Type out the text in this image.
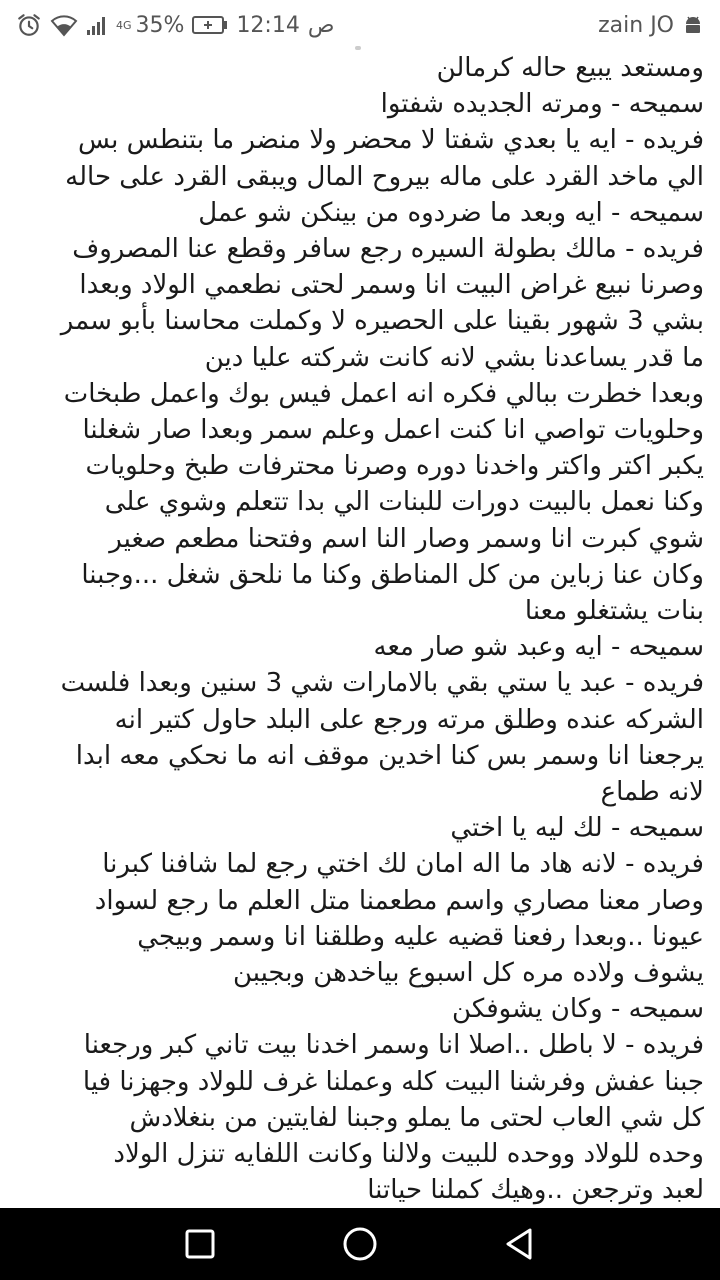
4G 35% 12:14 ص	zain JO
ومستعد يبيع حاله كرمالن
سميحه - ومرته الجديده شفتوا
فريده - ايه يا بعدي شفتا لا محضر ولا منضر ما بتنطس بس
الي ماخد القرد على ماله بيروح المال ويبقى القرد على حاله
سميحه - ايه وبعد ما ضردوه من بينكن شو عمل
فريده - مالك بطولة السيره رجع سافر وقطع عنا المصروف
وصرنا نبيع غراض البيت انا وسمر لحتى نطعمي الولاد وبعدا
بشي 3 شهور بقينا على الحصيره لا وكملت محاسنا بأبو سمر
ما قدر يساعدنا بشي لانه كانت شركته عليا دين
وبعدا خطرت ببالي فكره انه اعمل فيس بوك واعمل طبخات
وحلويات تواصي انا كنت اعمل وعلم سمر وبعدا صار شغلنا
يكبر اكتر واكتر واخدنا دوره وصرنا محترفات طبخ وحلويات
وكنا نعمل بالبيت دورات للبنات الي بدا تتعلم وشوي على
شوي كبرت انا وسمر وصار النا اسم وفتحنا مطعم صغير
وكان عنا زباين من كل المناطق وكنا ما نلحق شغل ...وجبنا
بنات يشتغلو معنا
سميحه - ايه وعبد شو صار معه
فريده - عبد يا ستي بقي بالامارات شي 3 سنين وبعدا فلست
الشركه عنده وطلق مرته ورجع على البلد حاول كتير انه
يرجعنا انا وسمر بس كنا اخدين موقف انه ما نحكي معه ابدا
لانه طماع
سميحه - لك ليه يا اختي
فريده - لانه هاد ما اله امان لك اختي رجع لما شافنا كبرنا
وصار معنا مصاري واسم مطعمنا متل العلم ما رجع لسواد
عيونا ..وبعدا رفعنا قضيه عليه وطلقنا انا وسمر وبيجي
يشوف ولاده مره كل اسبوع بياخدهن وبجيبن
سميحه - وكان يشوفكن
فريده - لا باطل ..اصلا انا وسمر اخدنا بيت تاني كبر ورجعنا
جبنا عفش وفرشنا البيت كله وعملنا غرف للولاد وجهزنا فيا
كل شي العاب لحتى ما يملو وجبنا لفايتين من بنغلادش
وحده للولاد ووحده للبيت ولالنا وكانت اللفايه تنزل الولاد
لعبد وترجعن ..وهيك كملنا حياتنا
